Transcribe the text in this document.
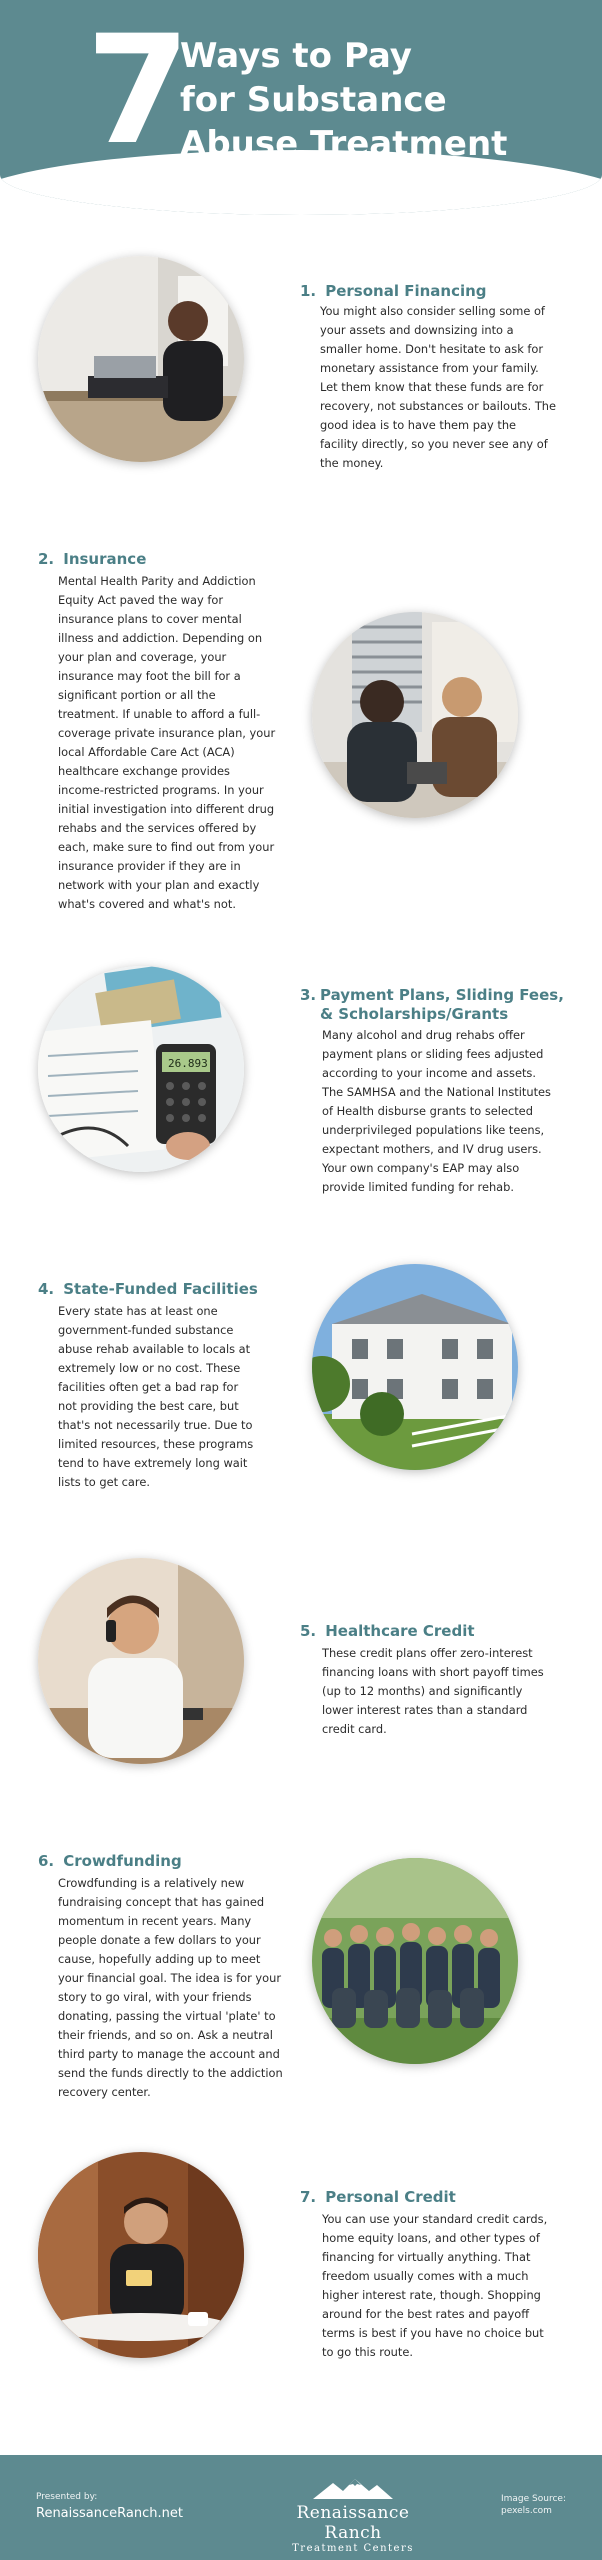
7
Ways to Pay
for Substance
Abuse Treatment
1. Personal Financing
You might also consider selling some of
your assets and downsizing into a
smaller home. Don't hesitate to ask for
monetary assistance from your family.
Let them know that these funds are for
recovery, not substances or bailouts. The
good idea is to have them pay the
facility directly, so you never see any of
the money.
2. Insurance
Mental Health Parity and Addiction
Equity Act paved the way for
insurance plans to cover mental
illness and addiction. Depending on
your plan and coverage, your
insurance may foot the bill for a
significant portion or all the
treatment. If unable to afford a full-
coverage private insurance plan, your
local Affordable Care Act (ACA)
healthcare exchange provides
income-restricted programs. In your
initial investigation into different drug
rehabs and the services offered by
each, make sure to find out from your
insurance provider if they are in
network with your plan and exactly
what's covered and what's not.
26.893
3. Payment Plans, Sliding Fees,
& Scholarships/Grants
Many alcohol and drug rehabs offer
payment plans or sliding fees adjusted
according to your income and assets.
The SAMHSA and the National Institutes
of Health disburse grants to selected
underprivileged populations like teens,
expectant mothers, and IV drug users.
Your own company's EAP may also
provide limited funding for rehab.
4. State-Funded Facilities
Every state has at least one
government-funded substance
abuse rehab available to locals at
extremely low or no cost. These
facilities often get a bad rap for
not providing the best care, but
that's not necessarily true. Due to
limited resources, these programs
tend to have extremely long wait
lists to get care.
5. Healthcare Credit
These credit plans offer zero-interest
financing loans with short payoff times
(up to 12 months) and significantly
lower interest rates than a standard
credit card.
6. Crowdfunding
Crowdfunding is a relatively new
fundraising concept that has gained
momentum in recent years. Many
people donate a few dollars to your
cause, hopefully adding up to meet
your financial goal. The idea is for your
story to go viral, with your friends
donating, passing the virtual 'plate' to
their friends, and so on. Ask a neutral
third party to manage the account and
send the funds directly to the addiction
recovery center.
7. Personal Credit
You can use your standard credit cards,
home equity loans, and other types of
financing for virtually anything. That
freedom usually comes with a much
higher interest rate, though. Shopping
around for the best rates and payoff
terms is best if you have no choice but
to go this route.
Presented by:
RenaissanceRanch.net	Renaissance Ranch
Treatment Centers
Image Source:
pexels.com
